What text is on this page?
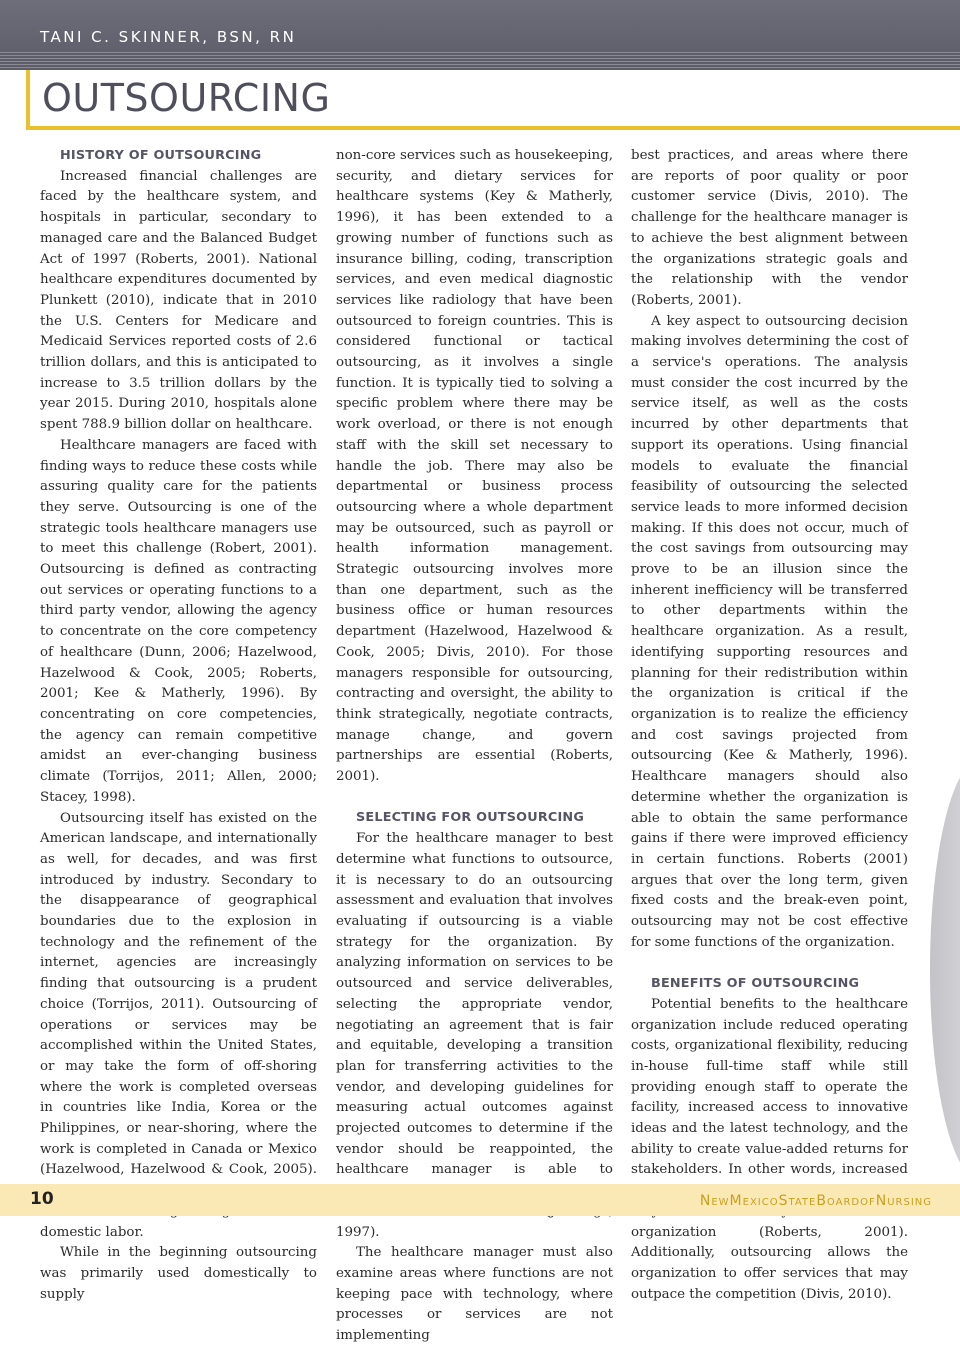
TANI C. SKINNER, BSN, RN
OUTSOURCING

HISTORY OF OUTSOURCING

Increased financial challenges are faced by the healthcare system, and hospitals in particular, secondary to managed care and the Balanced Budget Act of 1997 (Roberts, 2001). National healthcare expenditures documented by Plunkett (2010), indicate that in 2010 the U.S. Centers for Medicare and Medicaid Services reported costs of 2.6 trillion dollars, and this is anticipated to increase to 3.5 trillion dollars by the year 2015. During 2010, hospitals alone spent 788.9 billion dollar on healthcare.

Healthcare managers are faced with finding ways to reduce these costs while assuring quality care for the patients they serve. Outsourcing is one of the strategic tools healthcare managers use to meet this challenge (Robert, 2001). Outsourcing is defined as contracting out services or operating functions to a third party vendor, allowing the agency to concentrate on the core competency of healthcare (Dunn, 2006; Hazelwood, Hazelwood & Cook, 2005; Roberts, 2001; Kee & Matherly, 1996). By concentrating on core competencies, the agency can remain competitive amidst an ever-changing business climate (Torrijos, 2011; Allen, 2000; Stacey, 1998).

Outsourcing itself has existed on the American landscape, and internationally as well, for decades, and was first introduced by industry. Secondary to the disappearance of geographical boundaries due to the explosion in technology and the refinement of the internet, agencies are increasingly finding that outsourcing is a prudent choice (Torrijos, 2011). Outsourcing of operations or services may be accomplished within the United States, or may take the form of off-shoring where the work is completed overseas in countries like India, Korea or the Philippines, or near-shoring, where the work is completed in Canada or Mexico (Hazelwood, Hazelwood & Cook, 2005). domestic labor.

While in the beginning outsourcing was primarily used domestically to supply

non-core services such as housekeeping, security, and dietary services for healthcare systems (Key & Matherly, 1996), it has been extended to a growing number of functions such as insurance billing, coding, transcription services, and even medical diagnostic services like radiology that have been outsourced to foreign countries. This is considered functional or tactical outsourcing, as it involves a single function. It is typically tied to solving a specific problem where there may be work overload, or there is not enough staff with the skill set necessary to handle the job. There may also be departmental or business process outsourcing where a whole department may be outsourced, such as payroll or health information management. Strategic outsourcing involves more than one department, such as the business office or human resources department (Hazelwood, Hazelwood & Cook, 2005; Divis, 2010). For those managers responsible for outsourcing, contracting and oversight, the ability to think strategically, negotiate contracts, manage change, and govern partnerships are essential (Roberts, 2001).

SELECTING FOR OUTSOURCING

For the healthcare manager to best determine what functions to outsource, it is necessary to do an outsourcing assessment and evaluation that involves evaluating if outsourcing is a viable strategy for the organization. By analyzing information on services to be outsourced and service deliverables, selecting the appropriate vendor, negotiating an agreement that is fair and equitable, developing a transition plan for transferring activities to the vendor, and developing guidelines for measuring actual outcomes against projected outcomes to determine if the vendor should be reappointed, the healthcare manager is able to 1997).

The healthcare manager must also examine areas where functions are not keeping pace with technology, where processes or services are not implementing

best practices, and areas where there are reports of poor quality or poor customer service (Divis, 2010). The challenge for the healthcare manager is to achieve the best alignment between the organizations strategic goals and the relationship with the vendor (Roberts, 2001).

A key aspect to outsourcing decision making involves determining the cost of a service's operations. The analysis must consider the cost incurred by the service itself, as well as the costs incurred by other departments that support its operations. Using financial models to evaluate the financial feasibility of outsourcing the selected service leads to more informed decision making. If this does not occur, much of the cost savings from outsourcing may prove to be an illusion since the inherent inefficiency will be transferred to other departments within the healthcare organization. As a result, identifying supporting resources and planning for their redistribution within the organization is critical if the organization is to realize the efficiency and cost savings projected from outsourcing (Kee & Matherly, 1996). Healthcare managers should also determine whether the organization is able to obtain the same performance gains if there were improved efficiency in certain functions. Roberts (2001) argues that over the long term, given fixed costs and the break-even point, outsourcing may not be cost effective for some functions of the organization.

BENEFITS OF OUTSOURCING

Potential benefits to the healthcare organization include reduced operating costs, organizational flexibility, reducing in-house full-time staff while still providing enough staff to operate the facility, increased access to innovative ideas and the latest technology, and the ability to create value-added returns for stakeholders. In other words, increased organization (Roberts, 2001). Additionally, outsourcing allows the organization to offer services that may outpace the competition (Divis, 2010).

10	NewMexicoStateBoardofNursing
